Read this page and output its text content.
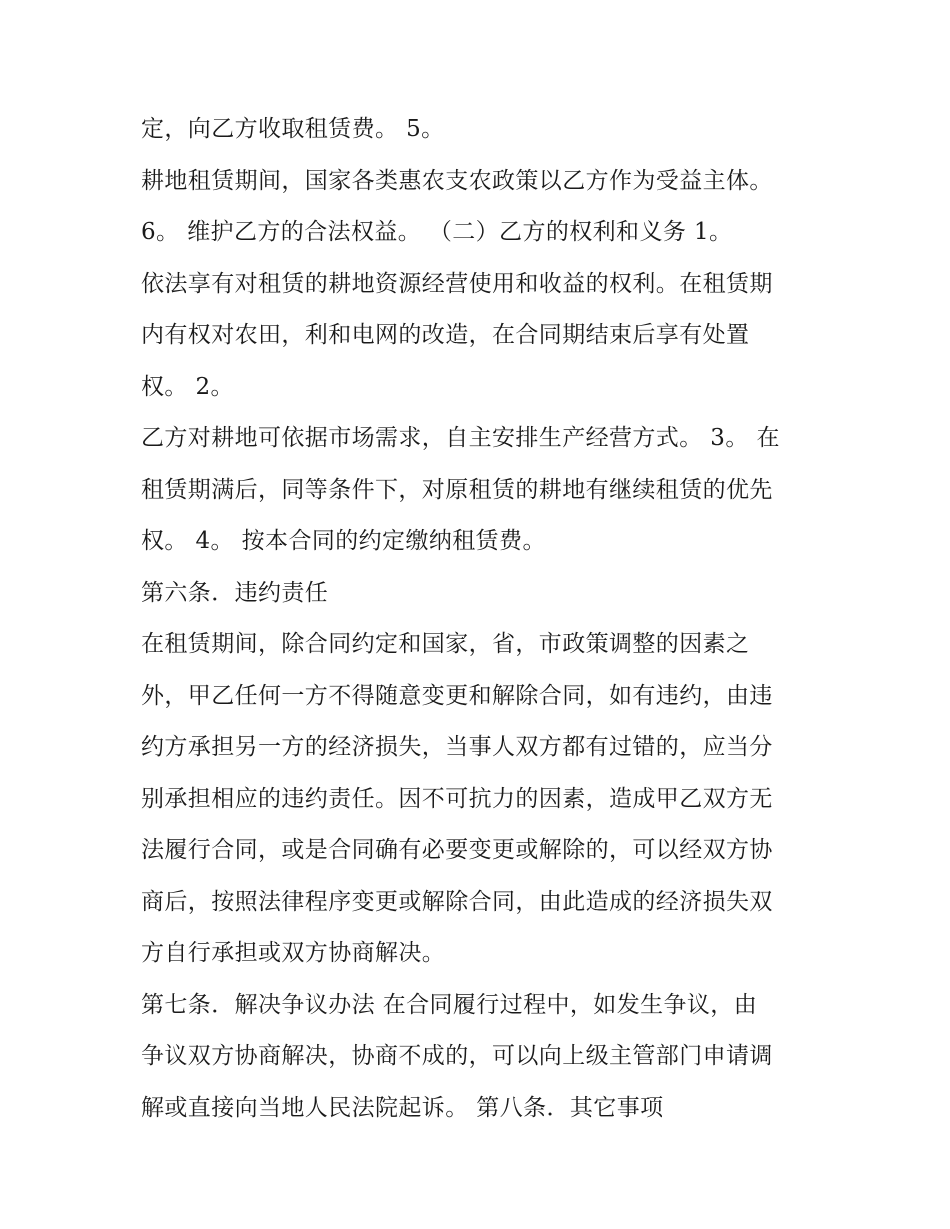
定，向乙方收取租赁费。 5。
耕地租赁期间，国家各类惠农支农政策以乙方作为受益主体。
6。 维护乙方的合法权益。 （二）乙方的权利和义务 1。
依法享有对租赁的耕地资源经营使用和收益的权利。在租赁期
内有权对农田，利和电网的改造，在合同期结束后享有处置
权。 2。
乙方对耕地可依据市场需求，自主安排生产经营方式。 3。 在
租赁期满后，同等条件下，对原租赁的耕地有继续租赁的优先
权。 4。 按本合同的约定缴纳租赁费。
第六条．违约责任
在租赁期间，除合同约定和国家，省，市政策调整的因素之
外，甲乙任何一方不得随意变更和解除合同，如有违约，由违
约方承担另一方的经济损失，当事人双方都有过错的，应当分
别承担相应的违约责任。因不可抗力的因素，造成甲乙双方无
法履行合同，或是合同确有必要变更或解除的，可以经双方协
商后，按照法律程序变更或解除合同，由此造成的经济损失双
方自行承担或双方协商解决。
第七条．解决争议办法 在合同履行过程中，如发生争议，由
争议双方协商解决，协商不成的，可以向上级主管部门申请调
解或直接向当地人民法院起诉。 第八条．其它事项
